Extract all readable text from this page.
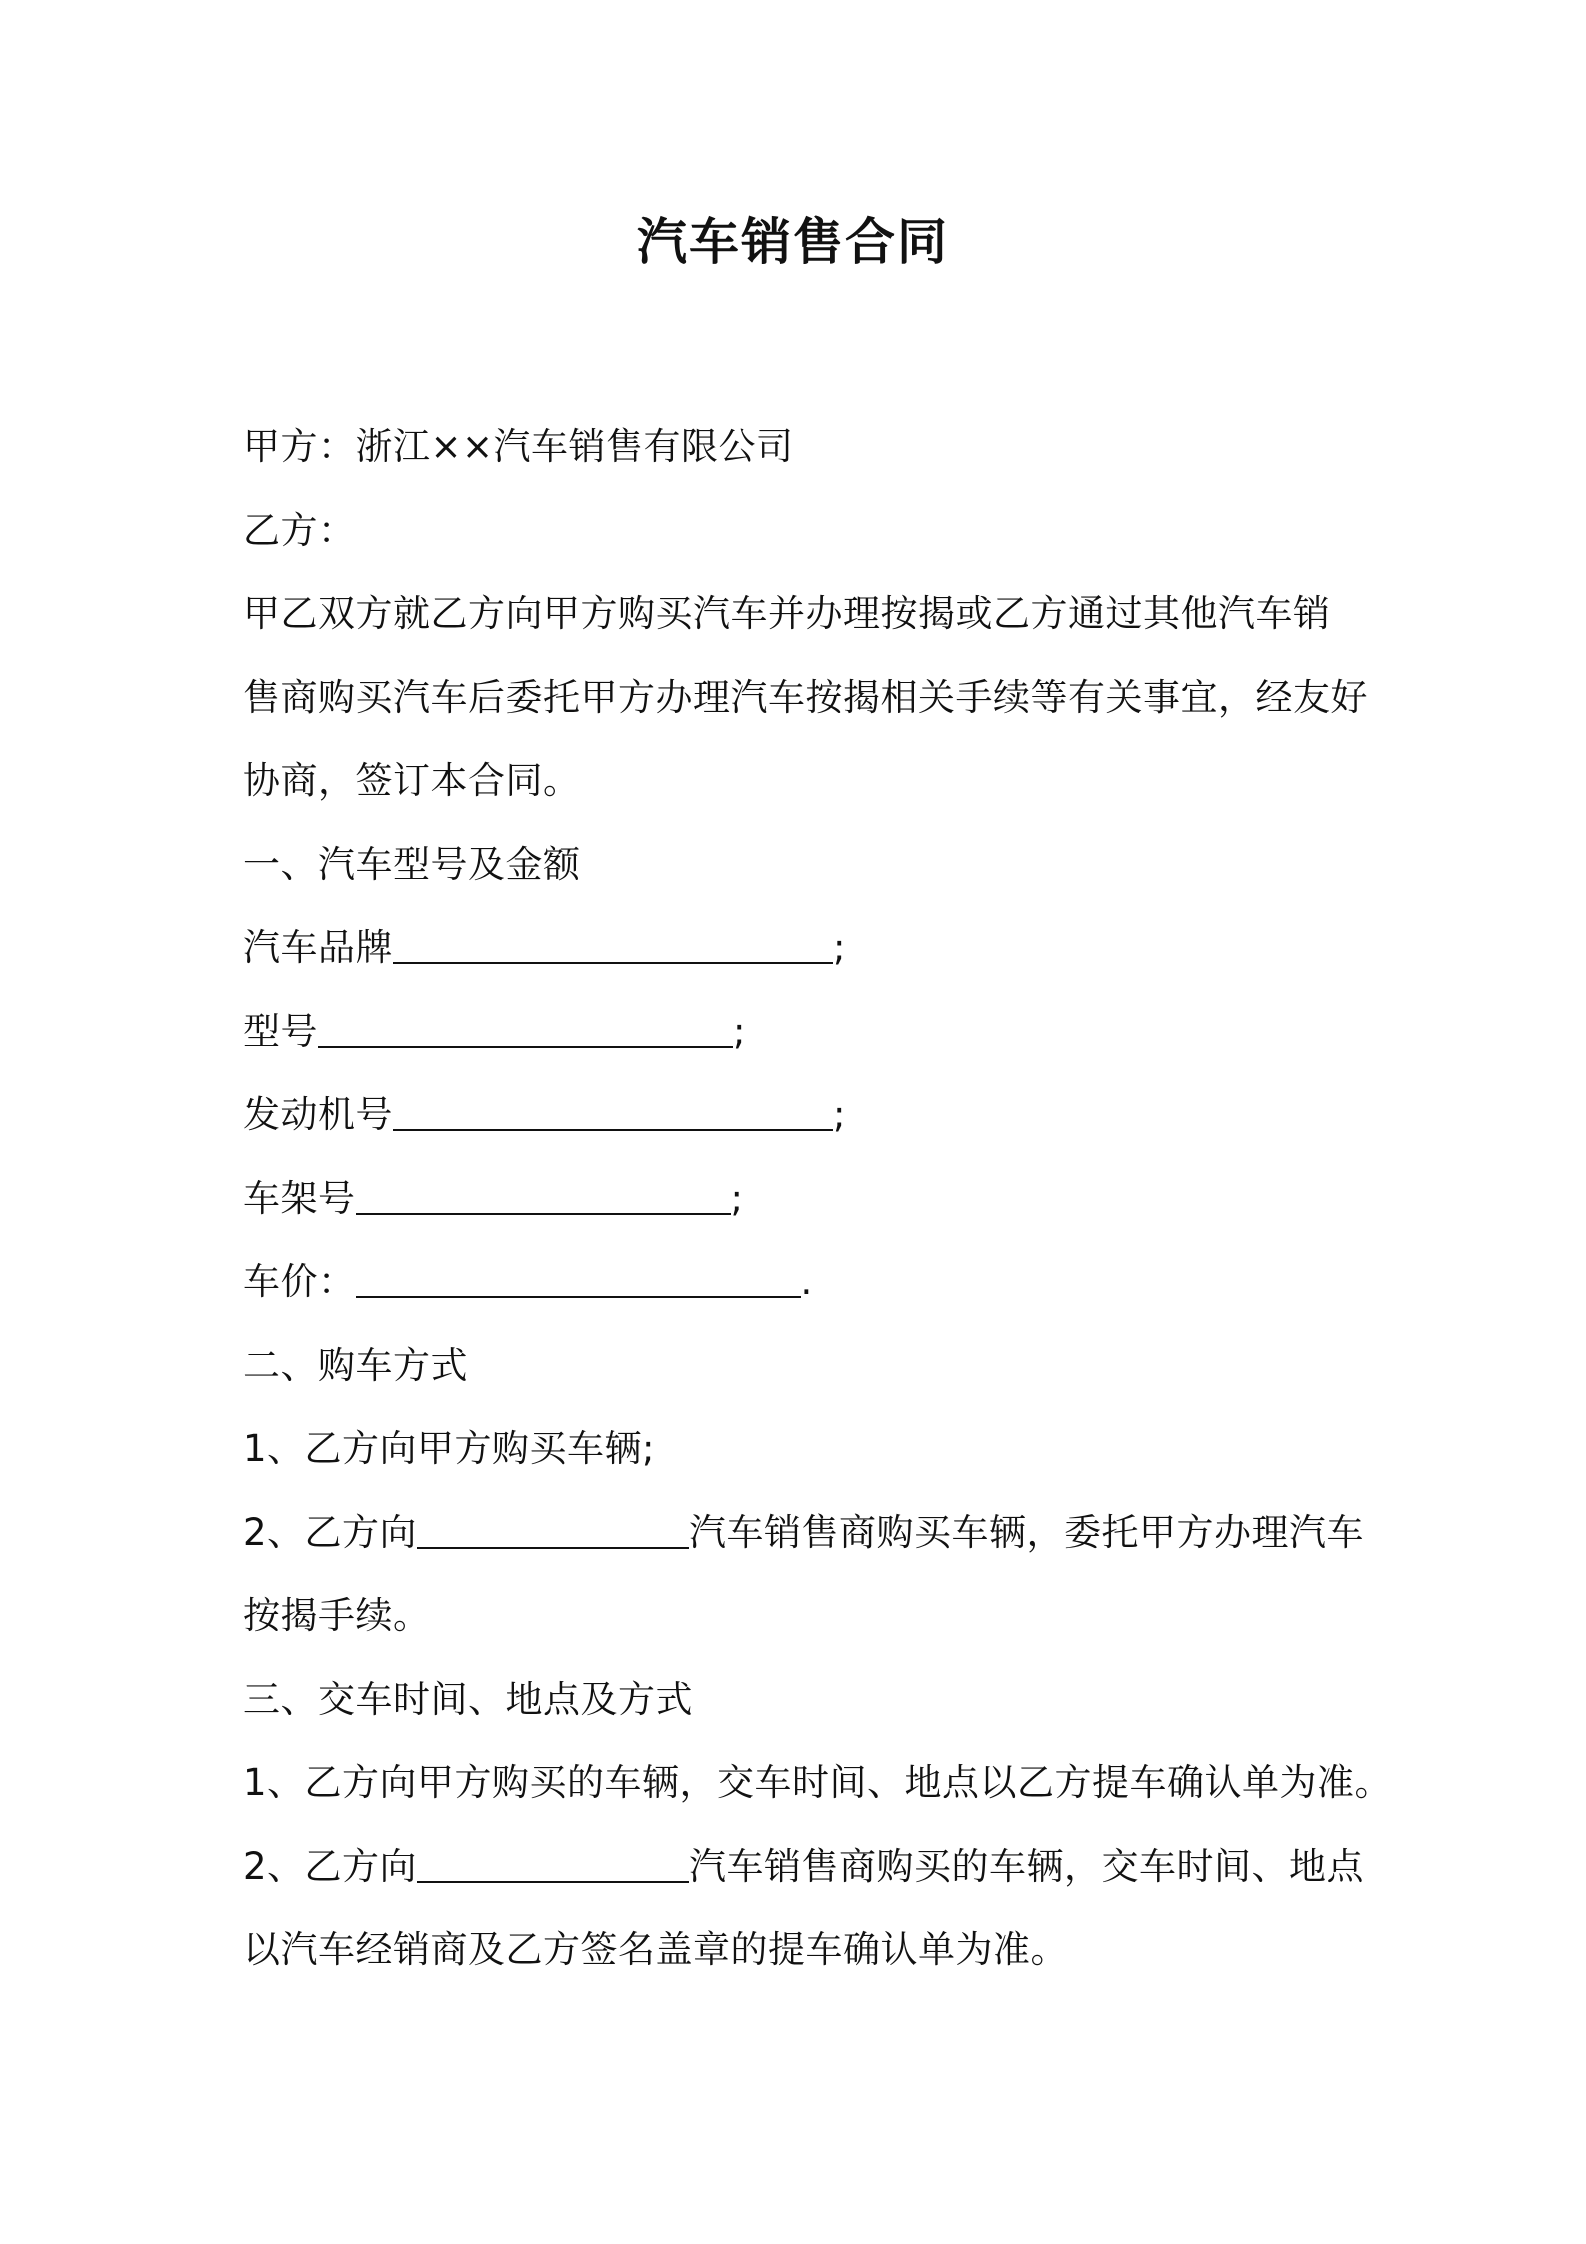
汽车销售合同
甲方：浙江××汽车销售有限公司
乙方：
甲乙双方就乙方向甲方购买汽车并办理按揭或乙方通过其他汽车销
售商购买汽车后委托甲方办理汽车按揭相关手续等有关事宜，经友好
协商，签订本合同。
一、汽车型号及金额
汽车品牌	;
型号	;
发动机号	;
车架号	;
车价：	.
二、购车方式
1、乙方向甲方购买车辆;
2、乙方向	汽车销售商购买车辆，委托甲方办理汽车
按揭手续。
三、交车时间、地点及方式
1、乙方向甲方购买的车辆，交车时间、地点以乙方提车确认单为准。
2、乙方向	汽车销售商购买的车辆，交车时间、地点
以汽车经销商及乙方签名盖章的提车确认单为准。
